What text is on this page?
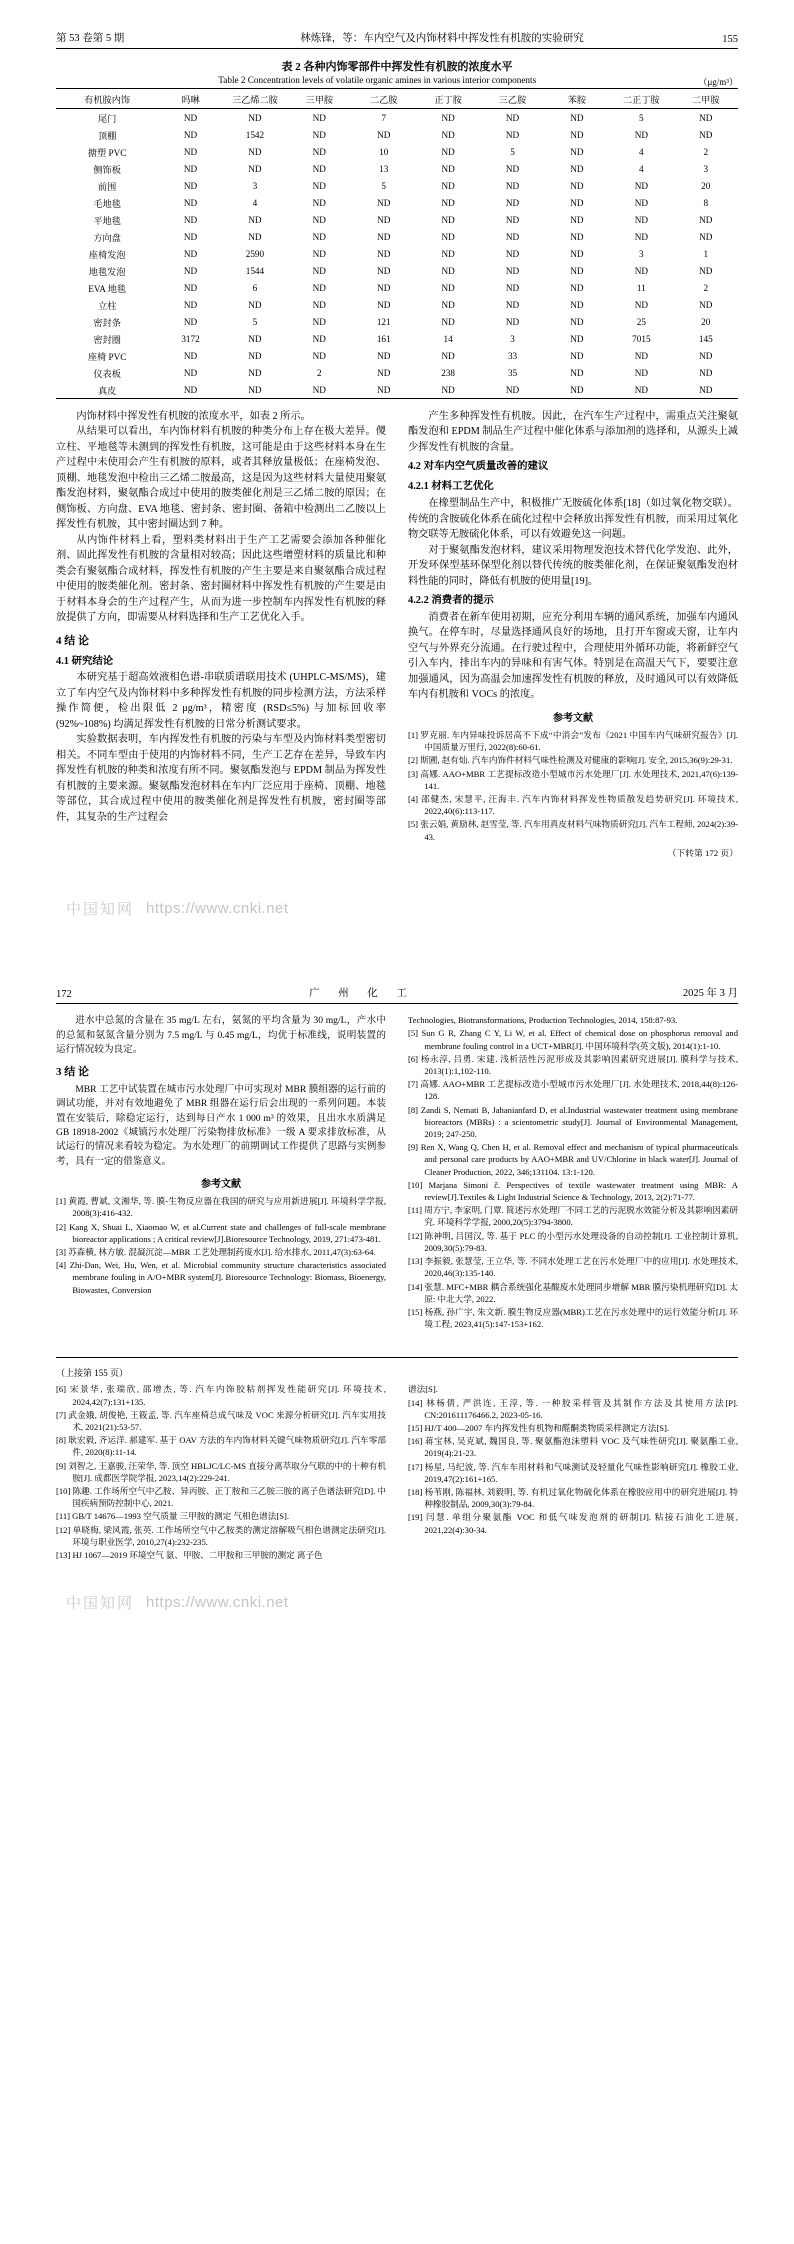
第 53 卷第 5 期	林炼锋，等：车内空气及内饰材料中挥发性有机胺的实验研究	155
表 2 各种内饰零部件中挥发性有机胺的浓度水平
（μg/m³）
Table 2 Concentration levels of volatile organic amines in various interior components
有机胺内饰	吗啉	三乙烯二胺	三甲胺	二乙胺	正丁胺	三乙胺	苯胺	二正丁胺	二甲胺
尾门	ND	ND	ND	7	ND	ND	ND	5	ND
顶棚	ND	1542	ND	ND	ND	ND	ND	ND	ND
搪塑 PVC	ND	ND	ND	10	ND	5	ND	4	2
侧饰板	ND	ND	ND	13	ND	ND	ND	4	3
前围	ND	3	ND	5	ND	ND	ND	ND	20
毛地毯	ND	4	ND	ND	ND	ND	ND	ND	8
平地毯	ND	ND	ND	ND	ND	ND	ND	ND	ND
方向盘	ND	ND	ND	ND	ND	ND	ND	ND	ND
座椅发泡	ND	2590	ND	ND	ND	ND	ND	3	1
地毯发泡	ND	1544	ND	ND	ND	ND	ND	ND	ND
EVA 地毯	ND	6	ND	ND	ND	ND	ND	11	2
立柱	ND	ND	ND	ND	ND	ND	ND	ND	ND
密封条	ND	5	ND	121	ND	ND	ND	25	20
密封圈	3172	ND	ND	161	14	3	ND	7015	145
座椅 PVC	ND	ND	ND	ND	ND	33	ND	ND	ND
仪表板	ND	ND	2	ND	238	35	ND	ND	ND
真皮	ND	ND	ND	ND	ND	ND	ND	ND	ND

内饰材料中挥发性有机胺的浓度水平，如表 2 所示。

从结果可以看出，车内饰材料有机胺的种类分布上存在极大差异。儍立柱、平地毯等未测到的挥发性有机胺，这可能是由于这些材料本身在生产过程中未使用会产生有机胺的原料，或者其释放量极低；在座椅发泡、顶棚、地毯发泡中检出三乙烯二胺最高，这是因为这些材料大量使用聚氨酯发泡材料，聚氨酯合成过中使用的胺类催化剂是三乙烯二胺的原因；在侧饰板、方向盘、EVA 地毯、密封条、密封圈、备箱中检测出二乙胺以上挥发性有机胺，其中密封圈达到 7 种。

从内饰件材料上看，塑料类材料出于生产工艺需要会添加各种催化剂、固此挥发性有机胺的含量相对较高；因此这些增塑材料的质量比和种类会有聚氨酯合成材料，挥发性有机胺的产生主要是来自聚氨酯合成过程中使用的胺类催化剂。密封条、密封圈材料中挥发性有机胺的产生要是由于材料本身会的生产过程产生，从而为进一步控制车内挥发性有机胺的释放提供了方向，即需要从材料选择和生产工艺优化入手。

4 结 论
4.1 研究结论

本研究基于超高效液相色谱-串联质谱联用技术 (UHPLC-MS/MS)，建立了车内空气及内饰材料中多种挥发性有机胺的同步检测方法，方法采样操作简便，检出限低 2 μg/m³，精密度 (RSD≤5%) 与加标回收率 (92%~108%) 均满足挥发性有机胺的日常分析测试要求。

实验数据表明，车内挥发性有机胺的污染与车型及内饰材料类型密切相关。不同车型由于使用的内饰材料不同，生产工艺存在差异，导致车内挥发性有机胺的种类和浓度有所不同。聚氨酯发泡与 EPDM 制品为挥发性有机胺的主要来源。聚氨酯发泡材料在车内厂泛应用于座椅、顶棚、地毯等部位，其合成过程中使用的胺类催化剂是挥发性有机胺，密封圈等部件，其复杂的生产过程会

产生多种挥发性有机胺。因此，在汽车生产过程中，需重点关注聚氨酯发泡和 EPDM 制品生产过程中催化体系与添加剂的选择和，从源头上减少挥发性有机胺的含量。

4.2 对车内空气质量改善的建议
4.2.1 材料工艺优化

在橡塑制品生产中，积极推广无胺硫化体系[18]（如过氧化物交联）。传统的含胺硫化体系在硫化过程中会释放出挥发性有机胺，而采用过氧化物交联等无胺硫化体系，可以有效避免这一问题。

对于聚氨酯发泡材料，建议采用物理发泡技术替代化学发泡、此外，开发环保型基环保型化剂以替代传统的胺类催化剂，在保证聚氨酯发泡材料性能的同时，降低有机胺的使用量[19]。

4.2.2 消费者的提示

消费者在新车使用初期，应充分利用车辆的通风系统，加强车内通风换气。在停车时，尽量选择通风良好的场地，且打开车窗或天窗，让车内空气与外界充分流通。在行驶过程中，合理使用外循环功能，将新鲜空气引入车内，排出车内的异味和有害气体。特别是在高温天气下，要要注意加强通风，因为高温会加速挥发性有机胺的释放，及时通风可以有效降低车内有机胺和 VOCs 的浓度。

参考文献
[1] 罗克丽. 车内异味投诉居高不下成“中消会”发布《2021 中国车内气味研究报告》[J]. 中国质量万里行, 2022(8):60-61.
[2] 斯圃, 赵有灿. 汽车内饰件材料气味性检测及对健康的影响[J]. 安全, 2015,36(9):29-31.
[3] 高娜. AAO+MBR 工艺提标改造小型城市污水处理厂[J]. 水处理技术, 2021,47(6):139-141.
[4] 邵健杰, 宋慧平, 汪海丰. 汽车内饰材料挥发性物质散发趋势研究[J]. 环境技术, 2022,40(6):113-117.
[5] 张云娟, 黄励林, 赵雪莹, 等. 汽车用真皮材料气味物质研究[J]. 汽车工程师, 2024(2):39-43.
（下转第 172 页）
中国知网 https://www.cnki.net
172	广 州 化 工	2025 年 3 月

进水中总氮的含量在 35 mg/L 左右，氨氮的平均含量为 30 mg/L，产水中的总氮和氨氮含量分别为 7.5 mg/L 与 0.45 mg/L，均优于标准线，说明装置的运行情况较为良定。

3 结 论

MBR 工艺中试装置在城市污水处理厂中可实现对 MBR 膜组器的运行前的调试功能，并对有效地避免了 MBR 组器在运行后会出现的一系列问题。本装置在安装后，除稳定运行，达到每日产水 1 000 m³ 的效果，且出水水质满足 GB 18918-2002《城镇污水处理厂污染物排放标准》一级 A 要求排放标准，从试运行的情况来看较为稳定。为水处理厂的前期调试工作提供了思路与实例参考，具有一定的借鉴意义。

参考文献
[1] 黄霞, 曹斌, 文湘华, 等. 膜-生物反应器在我国的研究与应用新进展[J]. 环境科学学报, 2008(3):416-432.
[2] Kang X, Shuai L, Xiaomao W, et al.Current state and challenges of full-scale membrane bioreactor applications ; A critical review[J].Bioresource Technology, 2019, 271:473-481.
[3] 苏森横, 林方敏. 混凝沉淀—MBR 工艺处理制药废水[J]. 给水排水, 2011,47(3):63-64.
[4] Zhi-Dan, Wei, Hu, Wen, et al. Microbial community structure characteristics associated membrane fouling in A/O+MBR system[J]. Bioresource Technology: Biomass, Bioenergy, Biowastes, Conversion
Technologies, Biotransformations, Production Technologies, 2014, 158:87-93.
[5] Sun G R, Zhang C Y, Li W, et al. Effect of chemical dose on phosphorus removal and membrane fouling control in a UCT+MBR[J]. 中国环境科学(英文版), 2014(1):1-10.
[6] 杨永淳, 吕勇. 宋建. 浅析活性污泥形成及其影响因素研究进展[J]. 膜科学与技术, 2013(1):1,102-110.
[7] 高娜. AAO+MBR 工艺提标改造小型城市污水处理厂[J]. 水处理技术, 2018,44(8):126-128.
[8] Zandi S, Nemati B, Jahanianfard D, et al.Industrial wastewater treatment using membrane bioreactors (MBRs) : a scientometric study[J]. Journal of Environmental Management, 2019; 247-250.
[9] Ren X, Wang Q, Chen H, et al. Removal effect and mechanism of typical pharmaceuticals and personal care products by AAO+MBR and UV/Chlorine in black water[J]. Journal of Cleaner Production, 2022, 346;131104. 13:1-120.
[10] Marjana Simoni č. Perspectives of textile wastewater treatment using MBR: A review[J].Textiles & Light Industrial Science & Technology, 2013, 2(2):71-77.
[11] 周方宁, 李家明, 门覃. 简述污水处理厂不同工艺的污泥脱水效能分析及其影响因素研究. 环境科学学报, 2000,20(5):3794-3800.
[12] 陈神明, 吕国汉, 等. 基于 PLC 的小型污水处理设备的自动控制[J]. 工业控制计算机, 2009,30(5):79-83.
[13] 李振毅, 张慧莹, 王立华, 等. 不同水处理工艺在污水处理厂中的应用[J]. 水处理技术, 2020,46(3):135-140.
[14] 张慧. MFC+MBR 耦合系统强化基酸废水处理同步增解 MBR 膜污染机理研究[D]. 太原: 中北大学, 2022.
[15] 杨燕, 孙广宇, 朱文新. 膜生物反应器(MBR)工艺在污水处理中的运行效能分析[J]. 环境工程, 2023,41(5):147-153+162.
（上接第 155 页）
[6] 宋景华, 张瑞欣, 邵增杰, 等. 汽车内饰胶粘剂挥发性能研究[J]. 环境技术, 2024,42(7):131+135.
[7] 武金娥, 胡俊艳, 王筱孟, 等. 汽车座椅总成气味及 VOC 来源分析研究[J]. 汽车实用技术, 2021(21):53-57.
[8] 耿宏毅, 齐运洋. 郝建军. 基于 OAV 方法的车内饰材料关键气味物质研究[J]. 汽车零部件, 2020(8):11-14.
[9] 刘智之, 王嘉骏, 汪荣华, 等. 顶空 HBLJC/LC-MS 直接分离萃取分气联的中的十种有机胺[J]. 成都医学院学报, 2023,14(2):229-241.
[10] 陈趣. 工作场所空气中乙胺、异丙胺、正丁胺和三乙胺三胺的离子色谱法研究[D]. 中国疾病预防控制中心, 2021.
[11] GB/T 14676—1993 空气质量 三甲胺的测定 气相色谱法[S].
[12] 单晓梅, 梁风霞, 张英. 工作场所空气中乙胺类的测定溶解吸气相色谱测定法研究[J]. 环境与职业医学, 2010,27(4):232-235.
[13] HJ 1067—2019 环境空气 氨、甲胺、二甲胺和三甲胺的测定 离子色
谱法[S].
[14] 林杨倩, 严洪连, 王淳, 等. 一种胶采样管及其制作方法及其使用方法[P]. CN:201611176466.2, 2023-05-16.
[15] HJ/T 400—2007 车内挥发性有机物和醛酮类物质采样测定方法[S].
[16] 蒋宝林, 吴克斌, 魏国良, 等. 聚氨酯泡沫塑料 VOC 及气味性研究[J]. 聚氨酯工业, 2019(4):21-23.
[17] 杨星, 马纪波, 等. 汽车车用材料和气味测试及轻量化气味性影响研究[J]. 橡胶工业, 2019,47(2):161+165.
[18] 杨苇刚, 陈福林, 刘毅明, 等. 有机过氧化物硫化体系在橡胶应用中的研究进展[J]. 特种橡胶制品, 2009,30(3):79-84.
[19] 闫慧. 单组分聚氨酯 VOC 和低气味发泡剂的研制[J]. 粘接石油化工进展, 2021,22(4):30-34.
中国知网 https://www.cnki.net
